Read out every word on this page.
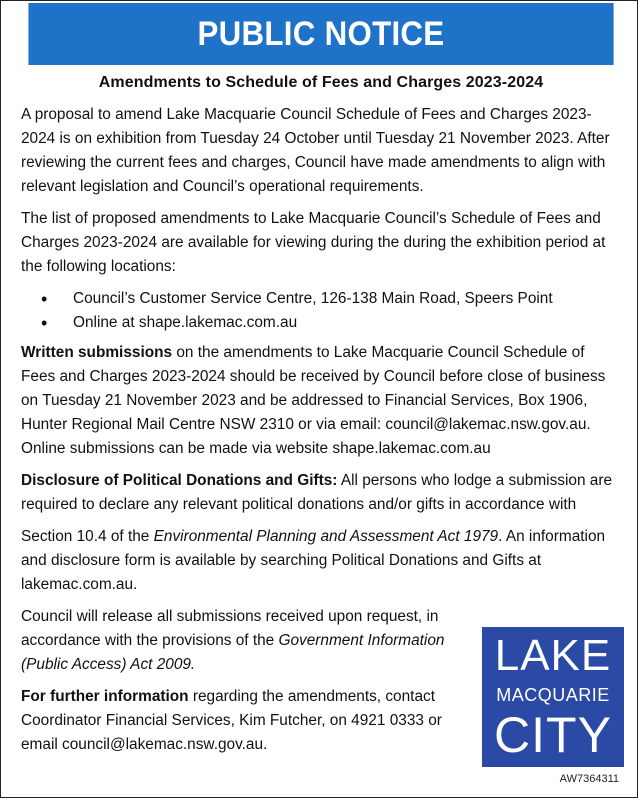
PUBLIC NOTICE
Amendments to Schedule of Fees and Charges 2023-2024

A proposal to amend Lake Macquarie Council Schedule of Fees and Charges 2023-2024 is on exhibition from Tuesday 24 October until Tuesday 21 November 2023. After reviewing the current fees and charges, Council have made amendments to align with relevant legislation and Council’s operational requirements.

The list of proposed amendments to Lake Macquarie Council’s Schedule of Fees and Charges 2023-2024 are available for viewing during the during the exhibition period at the following locations:

• Council’s Customer Service Centre, 126-138 Main Road, Speers Point
• Online at shape.lakemac.com.au

Written submissions on the amendments to Lake Macquarie Council Schedule of Fees and Charges 2023-2024 should be received by Council before close of business on Tuesday 21 November 2023 and be addressed to Financial Services, Box 1906, Hunter Regional Mail Centre NSW 2310 or via email: council@lakemac.nsw.gov.au. Online submissions can be made via website shape.lakemac.com.au

Disclosure of Political Donations and Gifts: All persons who lodge a submission are required to declare any relevant political donations and/or gifts in accordance with

Section 10.4 of the Environmental Planning and Assessment Act 1979. An information and disclosure form is available by searching Political Donations and Gifts at lakemac.com.au.

Council will release all submissions received upon request, in accordance with the provisions of the Government Information (Public Access) Act 2009.

For further information regarding the amendments, contact Coordinator Financial Services, Kim Futcher, on 4921 0333 or email council@lakemac.nsw.gov.au.

LAKE
MACQUARIE
CITY
AW7364311
